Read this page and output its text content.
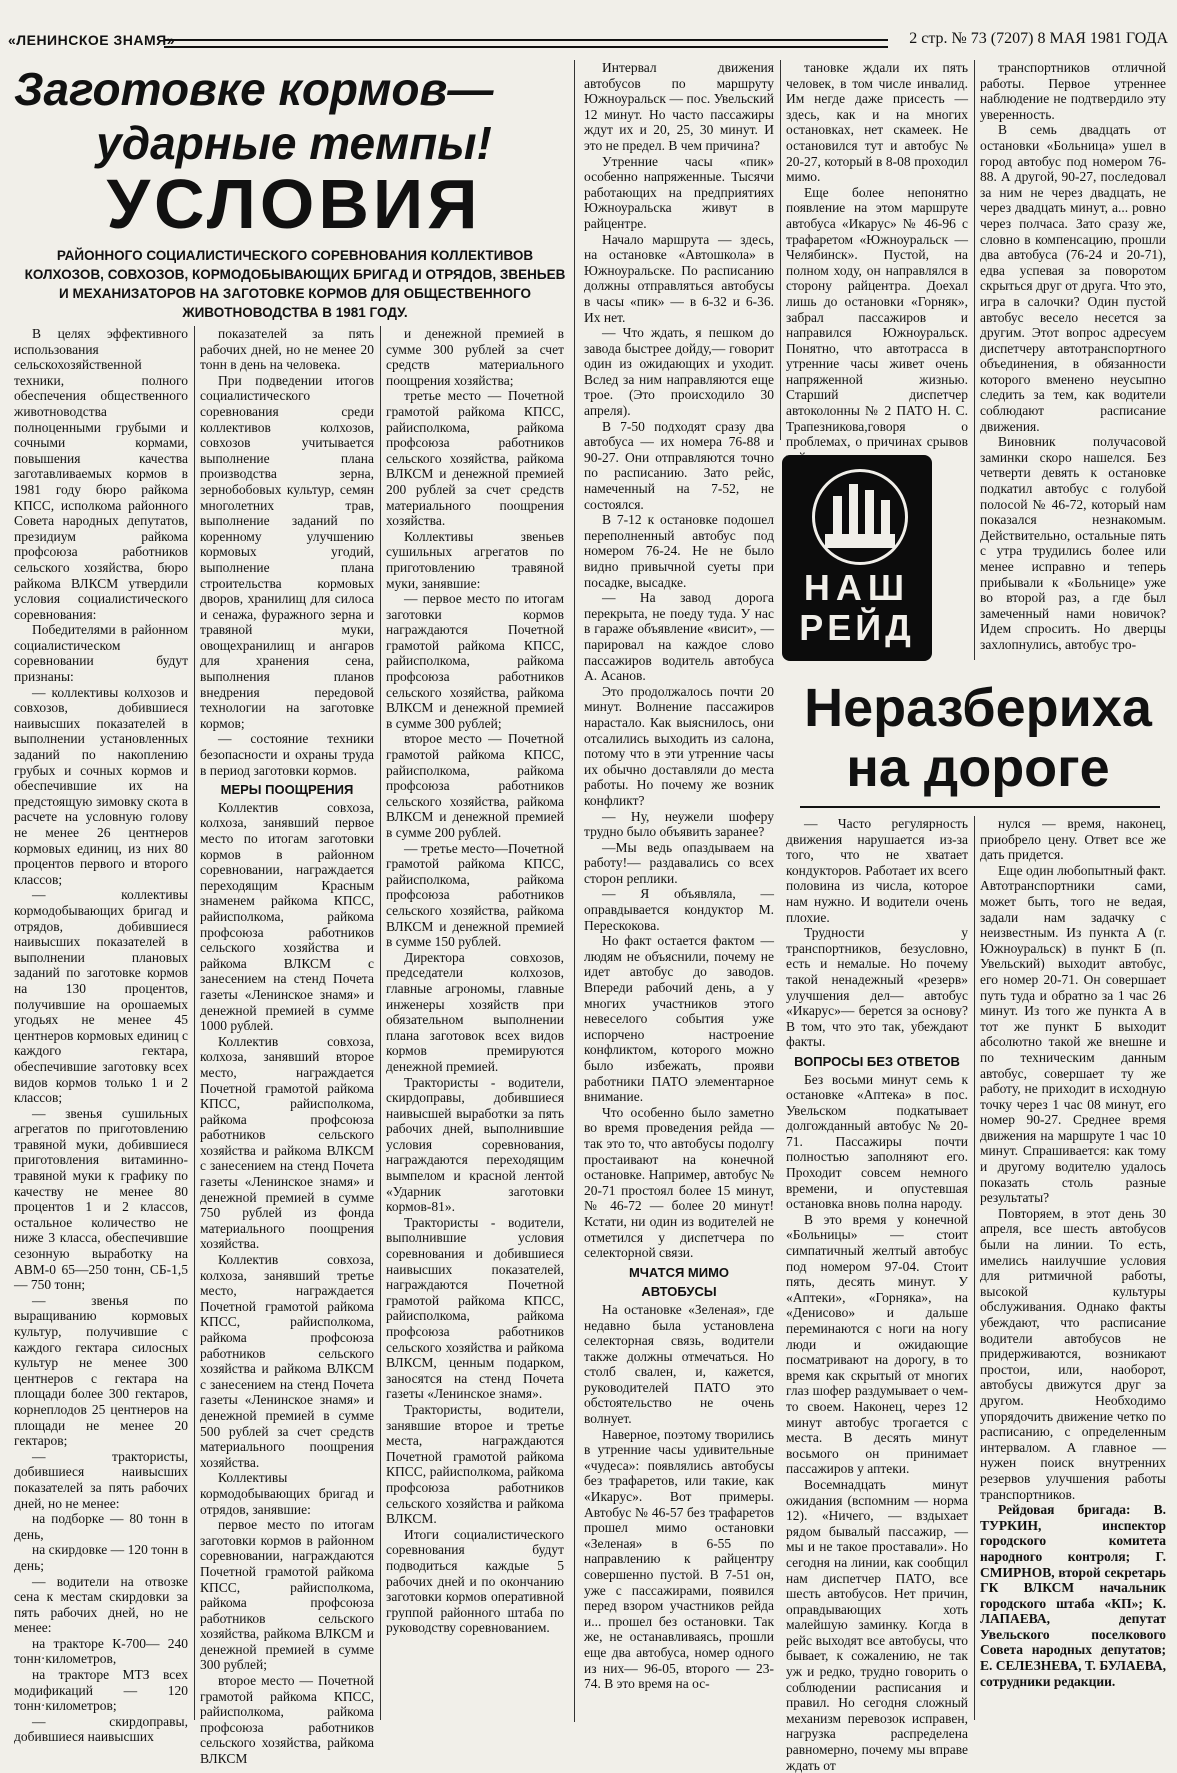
«ЛЕНИНСКОЕ ЗНАМЯ»	2 стр. № 73 (7207) 8 МАЯ 1981 ГОДА
Заготовке кормов—
ударные темпы!
УСЛОВИЯ
РАЙОННОГО СОЦИАЛИСТИЧЕСКОГО СОРЕВНОВАНИЯ КОЛЛЕКТИВОВ КОЛХОЗОВ, СОВХОЗОВ, КОРМОДОБЫВАЮЩИХ БРИГАД И ОТРЯДОВ, ЗВЕНЬЕВ И МЕХАНИЗАТОРОВ НА ЗАГОТОВКЕ КОРМОВ ДЛЯ ОБЩЕСТВЕННОГО ЖИВОТНОВОДСТВА В 1981 ГОДУ.

В целях эффективного использования сельскохозяйственной техники, полного обеспечения общественного животноводства полноценными грубыми и сочными кормами, повышения качества заготавливаемых кормов в 1981 году бюро райкома КПСС, исполкома районного Совета народных депутатов, президиум райкома профсоюза работников сельского хозяйства, бюро райкома ВЛКСМ утвердили условия социалистического соревнования:

Победителями в районном социалистическом соревновании будут признаны:

— коллективы колхозов и совхозов, добившиеся наивысших показателей в выполнении установленных заданий по накоплению грубых и сочных кормов и обеспечившие их на предстоящую зимовку скота в расчете на условную голову не менее 26 центнеров кормовых единиц, из них 80 процентов первого и второго классов;

— коллективы кормодобывающих бригад и отрядов, добившиеся наивысших показателей в выполнении плановых заданий по заготовке кормов на 130 процентов, получившие на орошаемых угодьях не менее 45 центнеров кормовых единиц с каждого гектара, обеспечившие заготовку всех видов кормов только 1 и 2 классов;

— звенья сушильных агрегатов по приготовлению травяной муки, добившиеся приготовления витаминно-травяной муки к графику по качеству не менее 80 процентов 1 и 2 классов, остальное количество не ниже 3 класса, обеспечившие сезонную выработку на АВМ-0 65—250 тонн, СБ-1,5 — 750 тонн;

— звенья по выращиванию кормовых культур, получившие с каждого гектара силосных культур не менее 300 центнеров с гектара на площади более 300 гектаров, корнеплодов 25 центнеров на площади не менее 20 гектаров;

— трактористы, добившиеся наивысших показателей за пять рабочих дней, но не менее:

на подборке — 80 тонн в день,

на скирдовке — 120 тонн в день;

— водители на отвозке сена к местам скирдовки за пять рабочих дней, но не менее:

на тракторе К-700— 240 тонн·километров,

на тракторе МТЗ всех модификаций — 120 тонн·километров;

— скирдоправы, добившиеся наивысших

показателей за пять рабочих дней, но не менее 20 тонн в день на человека.

При подведении итогов социалистического соревнования среди коллективов колхозов, совхозов учитывается выполнение плана производства зерна, зернобобовых культур, семян многолетних трав, выполнение заданий по коренному улучшению кормовых угодий, выполнение плана строительства кормовых дворов, хранилищ для силоса и сенажа, фуражного зерна и травяной муки, овощехранилищ и ангаров для хранения сена, выполнения планов внедрения передовой технологии на заготовке кормов;

— состояние техники безопасности и охраны труда в период заготовки кормов.

МЕРЫ ПООЩРЕНИЯ

Коллектив совхоза, колхоза, занявший первое место по итогам заготовки кормов в районном соревновании, награждается переходящим Красным знаменем райкома КПСС, райисполкома, райкома профсоюза работников сельского хозяйства и райкома ВЛКСМ с занесением на стенд Почета газеты «Ленинское знамя» и денежной премией в сумме 1000 рублей.

Коллектив совхоза, колхоза, занявший второе место, награждается Почетной грамотой райкома КПСС, райисполкома, райкома профсоюза работников сельского хозяйства и райкома ВЛКСМ с занесением на стенд Почета газеты «Ленинское знамя» и денежной премией в сумме 750 рублей из фонда материального поощрения хозяйства.

Коллектив совхоза, колхоза, занявший третье место, награждается Почетной грамотой райкома КПСС, райисполкома, райкома профсоюза работников сельского хозяйства и райкома ВЛКСМ с занесением на стенд Почета газеты «Ленинское знамя» и денежной премией в сумме 500 рублей за счет средств материального поощрения хозяйства.

Коллективы кормодобывающих бригад и отрядов, занявшие:

первое место по итогам заготовки кормов в районном соревновании, награждаются Почетной грамотой райкома КПСС, райисполкома, райкома профсоюза работников сельского хозяйства, райкома ВЛКСМ и денежной премией в сумме 300 рублей;

второе место — Почетной грамотой райкома КПСС, райисполкома, райкома профсоюза работников сельского хозяйства, райкома ВЛКСМ

и денежной премией в сумме 300 рублей за счет средств материального поощрения хозяйства;

третье место — Почетной грамотой райкома КПСС, райисполкома, райкома профсоюза работников сельского хозяйства, райкома ВЛКСМ и денежной премией 200 рублей за счет средств материального поощрения хозяйства.

Коллективы звеньев сушильных агрегатов по приготовлению травяной муки, занявшие:

— первое место по итогам заготовки кормов награждаются Почетной грамотой райкома КПСС, райисполкома, райкома профсоюза работников сельского хозяйства, райкома ВЛКСМ и денежной премией в сумме 300 рублей;

второе место — Почетной грамотой райкома КПСС, райисполкома, райкома профсоюза работников сельского хозяйства, райкома ВЛКСМ и денежной премией в сумме 200 рублей.

— третье место—Почетной грамотой райкома КПСС, райисполкома, райкома профсоюза работников сельского хозяйства, райкома ВЛКСМ и денежной премией в сумме 150 рублей.

Директора совхозов, председатели колхозов, главные агрономы, главные инженеры хозяйств при обязательном выполнении плана заготовок всех видов кормов премируются денежной премией.

Трактористы - водители, скирдоправы, добившиеся наивысшей выработки за пять рабочих дней, выполнившие условия соревнования, награждаются переходящим вымпелом и красной лентой «Ударник заготовки кормов-81».

Трактористы - водители, выполнившие условия соревнования и добившиеся наивысших показателей, награждаются Почетной грамотой райкома КПСС, райисполкома, райкома профсоюза работников сельского хозяйства и райкома ВЛКСМ, ценным подарком, заносятся на стенд Почета газеты «Ленинское знамя».

Трактористы, водители, занявшие второе и третье места, награждаются Почетной грамотой райкома КПСС, райисполкома, райкома профсоюза работников сельского хозяйства и райкома ВЛКСМ.

Итоги социалистического соревнования будут подводиться каждые 5 рабочих дней и по окончанию заготовки кормов оперативной группой районного штаба по руководству соревнованием.

Интервал движения автобусов по маршруту Южноуральск — пос. Увельский 12 минут. Но часто пассажиры ждут их и 20, 25, 30 минут. И это не предел. В чем причина?

Утренние часы «пик» особенно напряженные. Тысячи работающих на предприятиях Южноуральска живут в райцентре.

Начало маршрута — здесь, на остановке «Автошкола» в Южноуральске. По расписанию должны отправляться автобусы в часы «пик» — в 6-32 и 6-36. Их нет.

— Что ждать, я пешком до завода быстрее дойду,— говорит один из ожидающих и уходит. Вслед за ним направляются еще трое. (Это происходило 30 апреля).

В 7-50 подходят сразу два автобуса — их номера 76-88 и 90-27. Они отправляются точно по расписанию. Зато рейс, намеченный на 7-52, не состоялся.

В 7-12 к остановке подошел переполненный автобус под номером 76-24. Не не было видно привычной суеты при посадке, высадке.

— На завод дорога перекрыта, не поеду туда. У нас в гараже объявление «висит», — парировал на каждое слово пассажиров водитель автобуса А. Асанов.

Это продолжалось почти 20 минут. Волнение пассажиров нарастало. Как выяснилось, они отсалились выходить из салона, потому что в эти утренние часы их обычно доставляли до места работы. Но почему же возник конфликт?

— Ну, неужели шоферу трудно было объявить заранее?

—Мы ведь опаздываем на работу!— раздавались со всех сторон реплики.

— Я объявляла, —оправдывается кондуктор М. Перескокова.

Но факт остается фактом — людям не объяснили, почему не идет автобус до заводов. Впереди рабочий день, а у многих участников этого невеселого события уже испорчено настроение конфликтом, которого можно было избежать, прояви работники ПАТО элементарное внимание.

Что особенно было заметно во время проведения рейда — так это то, что автобусы подолгу простаивают на конечной остановке. Например, автобус № 20-71 простоял более 15 минут, № 46-72 — более 20 минут! Кстати, ни один из водителей не отметился у диспетчера по селекторной связи.

МЧАТСЯ МИМО
АВТОБУСЫ

На остановке «Зеленая», где недавно была установлена селекторная связь, водители также должны отмечаться. Но столб свален, и, кажется, руководителей ПАТО это обстоятельство не очень волнует.

Наверное, поэтому творились в утренние часы удивительные «чудеса»: появлялись автобусы без трафаретов, или такие, как «Икарус». Вот примеры. Автобус № 46-57 без трафаретов прошел мимо остановки «Зеленая» в 6-55 по направлению к райцентру совершенно пустой. В 7-51 он, уже с пассажирами, появился перед взором участников рейда и... прошел без остановки. Так же, не останавливаясь, прошли еще два автобуса, номер одного из них— 96-05, второго — 23-74. В это время на ос-

тановке ждали их пять человек, в том числе инвалид. Им негде даже присесть — здесь, как и на многих остановках, нет скамеек. Не остановился тут и автобус № 20-27, который в 8-08 проходил мимо.

Еще более непонятно появление на этом маршруте автобуса «Икарус» № 46-96 с трафаретом «Южноуральск — Челябинск». Пустой, на полном ходу, он направлялся в сторону райцентра. Доехал лишь до остановки «Горняк», забрал пассажиров и направился Южноуральск. Понятно, что автотрасса в утренние часы живет очень напряженной жизнью. Старший диспетчер автоколонны № 2 ПАТО Н. С. Трапезникова,говоря о проблемах, о причинах срывов

транспортников отличной работы. Первое утреннее наблюдение не подтвердило эту уверенность.

В семь двадцать от остановки «Больница» ушел в город автобус под номером 76-88. А другой, 90-27, последовал за ним не через двадцать, не через двадцать минут, а... ровно через полчаса. Зато сразу же, словно в компенсацию, прошли два автобуса (76-24 и 20-71), едва успевая за поворотом скрыться друг от друга. Что это, игра в салочки? Один пустой автобус весело несется за другим. Этот вопрос адресуем диспетчеру автотранспортного объединения, в обязанности которого вменено неусыпно следить за тем, как водители соблюдают расписание движения.

Виновник получасовой заминки скоро нашелся. Без четверти девять к остановке подкатил автобус с голубой полосой № 46-72, который нам показался незнакомым. Действительно, остальные пять с утра трудились более или менее исправно и теперь прибывали к «Больнице» уже во второй раз, а где был замеченный нами новичок? Идем спросить. Но дверцы захлопнулись, автобус тро-

НАШ
РЕЙД
Неразбериха
на дороге

— Часто регулярность движения нарушается из-за того, что не хватает кондукторов. Работает их всего половина из числа, которое нам нужно. И водители очень плохие.

Трудности у транспортников, безусловно, есть и немалые. Но почему такой ненадежный «резерв» улучшения дел— автобус «Икарус»— берется за основу? В том, что это так, убеждают факты.

ВОПРОСЫ БЕЗ ОТВЕТОВ

Без восьми минут семь к остановке «Аптека» в пос. Увельском подкатывает долгожданный автобус № 20-71. Пассажиры почти полностью заполняют его. Проходит совсем немного времени, и опустевшая остановка вновь полна народу.

В это время у конечной «Больницы» — стоит симпатичный желтый автобус под номером 97-04. Стоит пять, десять минут. У «Аптеки», «Горняка», на «Денисово» и дальше переминаются с ноги на ногу люди и ожидающие посматривают на дорогу, в то время как скрытый от многих глаз шофер раздумывает о чем-то своем. Наконец, через 12 минут автобус трогается с места. В десять минут восьмого он принимает пассажиров у аптеки.

Восемнадцать минут ожидания (вспомним — норма 12). «Ничего, — вздыхает рядом бывалый пассажир, — мы и не такое проставали». Но сегодня на линии, как сообщил нам диспетчер ПАТО, все шесть автобусов. Нет причин, оправдывающих хоть малейшую заминку. Когда в рейс выходят все автобусы, что бывает, к сожалению, не так уж и редко, трудно говорить о соблюдении расписания и правил. Но сегодня сложный механизм перевозок исправен, нагрузка распределена равномерно, почему мы вправе ждать от

нулся — время, наконец, приобрело цену. Ответ все же дать придется.

Еще один любопытный факт. Автотранспортники сами, может быть, того не ведая, задали нам задачку с неизвестным. Из пункта А (г. Южноуральск) в пункт Б (п. Увельский) выходит автобус, его номер 20-71. Он совершает путь туда и обратно за 1 час 26 минут. Из того же пункта А в тот же пункт Б выходит абсолютно такой же внешне и по техническим данным автобус, совершает ту же работу, не приходит в исходную точку через 1 час 08 минут, его номер 90-27. Среднее время движения на маршруте 1 час 10 минут. Спрашивается: как тому и другому водителю удалось показать столь разные результаты?

Повторяем, в этот день 30 апреля, все шесть автобусов были на линии. То есть, имелись наилучшие условия для ритмичной работы, высокой культуры обслуживания. Однако факты убеждают, что расписание водители автобусов не придерживаются, возникают простои, или, наоборот, автобусы движутся друг за другом. Необходимо упорядочить движение четко по расписанию, с определенным интервалом. А главное — нужен поиск внутренних резервов улучшения работы транспортников.

Рейдовая бригада: В. ТУРКИН, инспектор городского комитета народного контроля; Г. СМИРНОВ, второй секретарь ГК ВЛКСМ начальник городского штаба «КП»; К. ЛАПАЕВА, депутат Увельского поселкового Совета народных депутатов; Е. СЕЛЕЗНЕВА, Т. БУЛАЕВА, сотрудники редакции.
